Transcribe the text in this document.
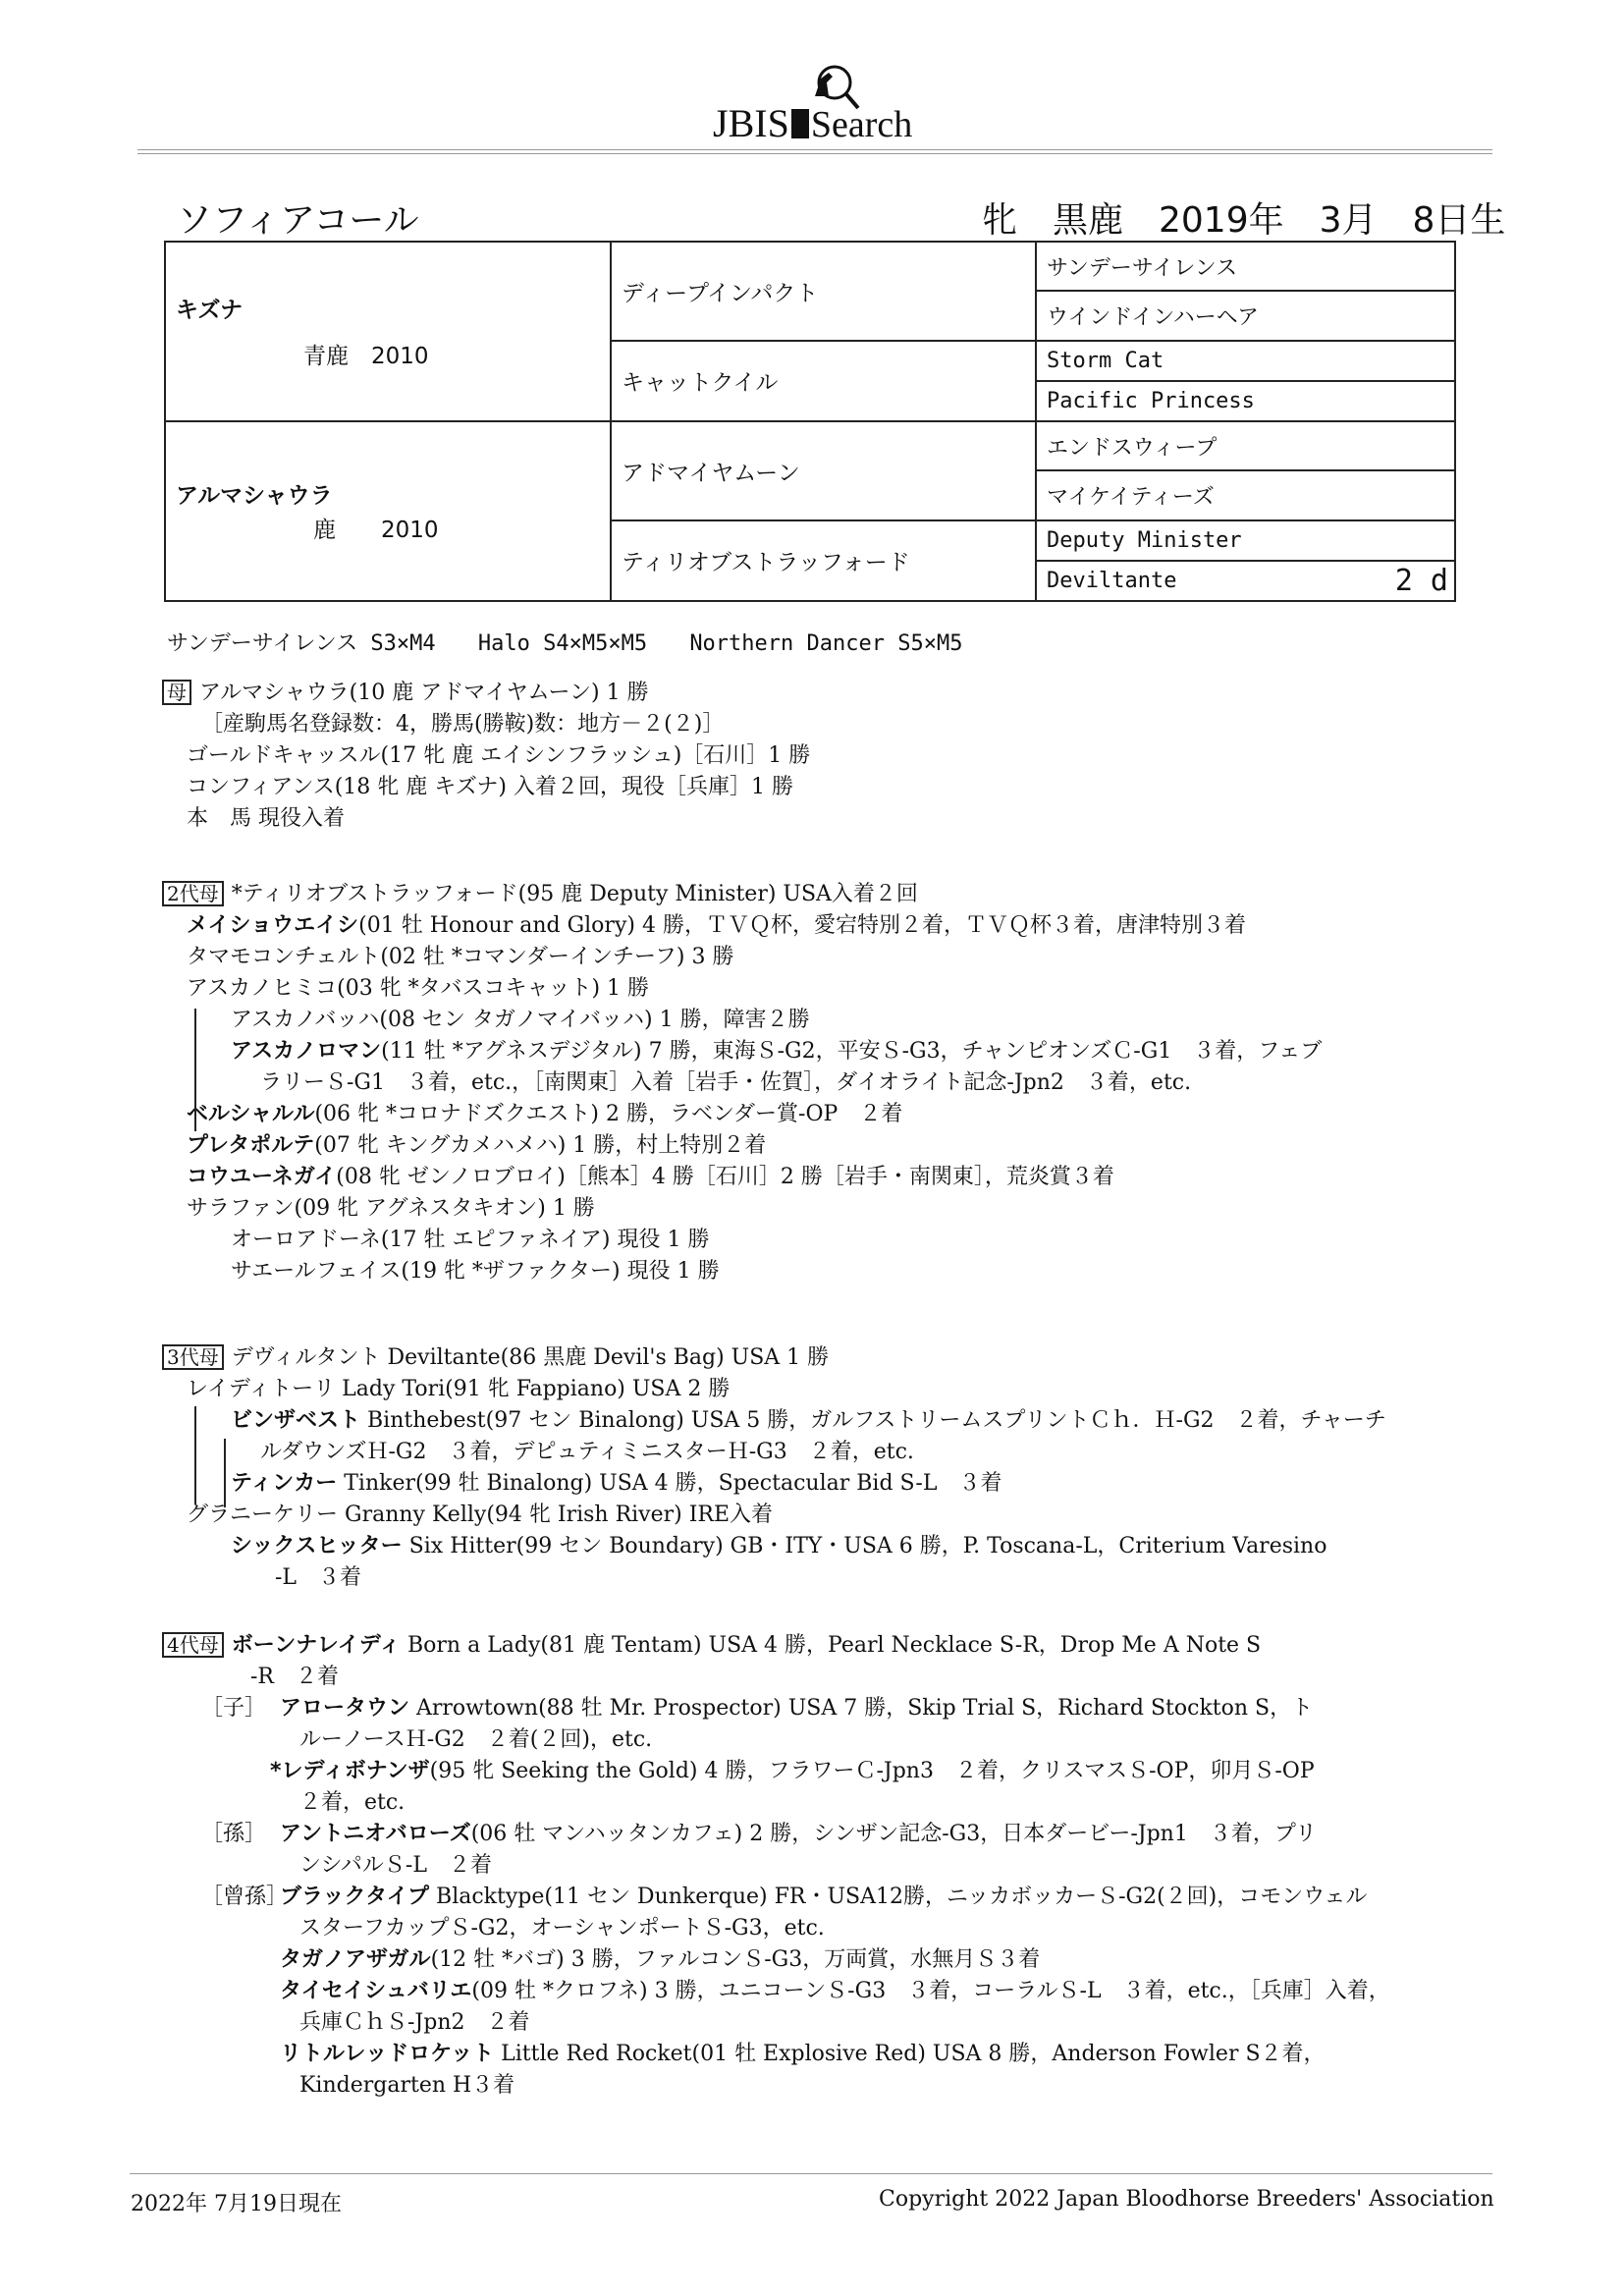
JBIS Search
ソフィアコール	牝　黒鹿　2019年　3月　8日生
キズナ
青鹿　2010	ディープインパクト	サンデーサイレンス
		ウインドインハーヘア
	キャットクイル	Storm Cat
		Pacific Princess

アルマシャウラ
鹿　　2010	アドマイヤムーン	エンドスウィープ
		マイケイティーズ
	ティリオブストラッフォード	Deputy Minister
		Deviltante 2 d
サンデーサイレンス S3×M4 Halo S4×M5×M5 Northern Dancer S5×M5
母 アルマシャウラ(10 鹿 アドマイヤムーン) 1 勝
［産駒馬名登録数：4，勝馬(勝鞍)数：地方－２(２)］
ゴールドキャッスル(17 牝 鹿 エイシンフラッシュ)［石川］1 勝
コンフィアンス(18 牝 鹿 キズナ) 入着２回，現役［兵庫］1 勝
本　馬 現役入着
2代母 *ティリオブストラッフォード(95 鹿 Deputy Minister) USA入着２回
メイショウエイシ(01 牡 Honour and Glory) 4 勝，ＴＶＱ杯，愛宕特別２着，ＴＶＱ杯３着，唐津特別３着
タマモコンチェルト(02 牡 *コマンダーインチーフ) 3 勝
アスカノヒミコ(03 牝 *タバスコキャット) 1 勝
アスカノバッハ(08 セン タガノマイバッハ) 1 勝，障害２勝
アスカノロマン(11 牡 *アグネスデジタル) 7 勝，東海Ｓ-G2，平安Ｓ-G3，チャンピオンズＣ-G1　３着，フェブ
ラリーＳ-G1　３着，etc.，［南関東］入着［岩手・佐賀］，ダイオライト記念-Jpn2　３着，etc.
ベルシャルル(06 牝 *コロナドズクエスト) 2 勝，ラベンダー賞-OP　２着
プレタポルテ(07 牝 キングカメハメハ) 1 勝，村上特別２着
コウユーネガイ(08 牝 ゼンノロブロイ)［熊本］4 勝［石川］2 勝［岩手・南関東］，荒炎賞３着
サラファン(09 牝 アグネスタキオン) 1 勝
オーロアドーネ(17 牡 エピファネイア) 現役 1 勝
サエールフェイス(19 牝 *ザファクター) 現役 1 勝
3代母 デヴィルタント Deviltante(86 黒鹿 Devil's Bag) USA 1 勝
レイディトーリ Lady Tori(91 牝 Fappiano) USA 2 勝
ビンザベスト Binthebest(97 セン Binalong) USA 5 勝，ガルフストリームスプリントＣｈ．Ｈ-G2　２着，チャーチ
ルダウンズＨ-G2　３着，デピュティミニスターＨ-G3　２着，etc.
ティンカー Tinker(99 牡 Binalong) USA 4 勝，Spectacular Bid S-L　３着
グラニーケリー Granny Kelly(94 牝 Irish River) IRE入着
シックスヒッター Six Hitter(99 セン Boundary) GB・ITY・USA 6 勝，P. Toscana-L，Criterium Varesino
-L　３着
4代母 ボーンナレイディ Born a Lady(81 鹿 Tentam) USA 4 勝，Pearl Necklace S-R，Drop Me A Note S
-R　２着
［子］ アロータウン Arrowtown(88 牡 Mr. Prospector) USA 7 勝，Skip Trial S，Richard Stockton S，ト
ルーノースＨ-G2　２着(２回)，etc.
*レディボナンザ(95 牝 Seeking the Gold) 4 勝，フラワーＣ-Jpn3　２着，クリスマスＳ-OP，卯月Ｓ-OP
２着，etc.
［孫］ アントニオバローズ(06 牡 マンハッタンカフェ) 2 勝，シンザン記念-G3，日本ダービー-Jpn1　３着，プリ
ンシパルＳ-L　２着
［曾孫］ブラックタイプ Blacktype(11 セン Dunkerque) FR・USA12勝，ニッカボッカーＳ-G2(２回)，コモンウェル
スターフカップＳ-G2，オーシャンポートＳ-G3，etc.
タガノアザガル(12 牡 *バゴ) 3 勝，ファルコンＳ-G3，万両賞，水無月Ｓ３着
タイセイシュバリエ(09 牡 *クロフネ) 3 勝，ユニコーンＳ-G3　３着，コーラルＳ-L　３着，etc.，［兵庫］入着，
兵庫ＣｈＳ-Jpn2　２着
リトルレッドロケット Little Red Rocket(01 牡 Explosive Red) USA 8 勝，Anderson Fowler S２着，
Kindergarten H３着
2022年 7月19日現在	Copyright 2022 Japan Bloodhorse Breeders' Association
